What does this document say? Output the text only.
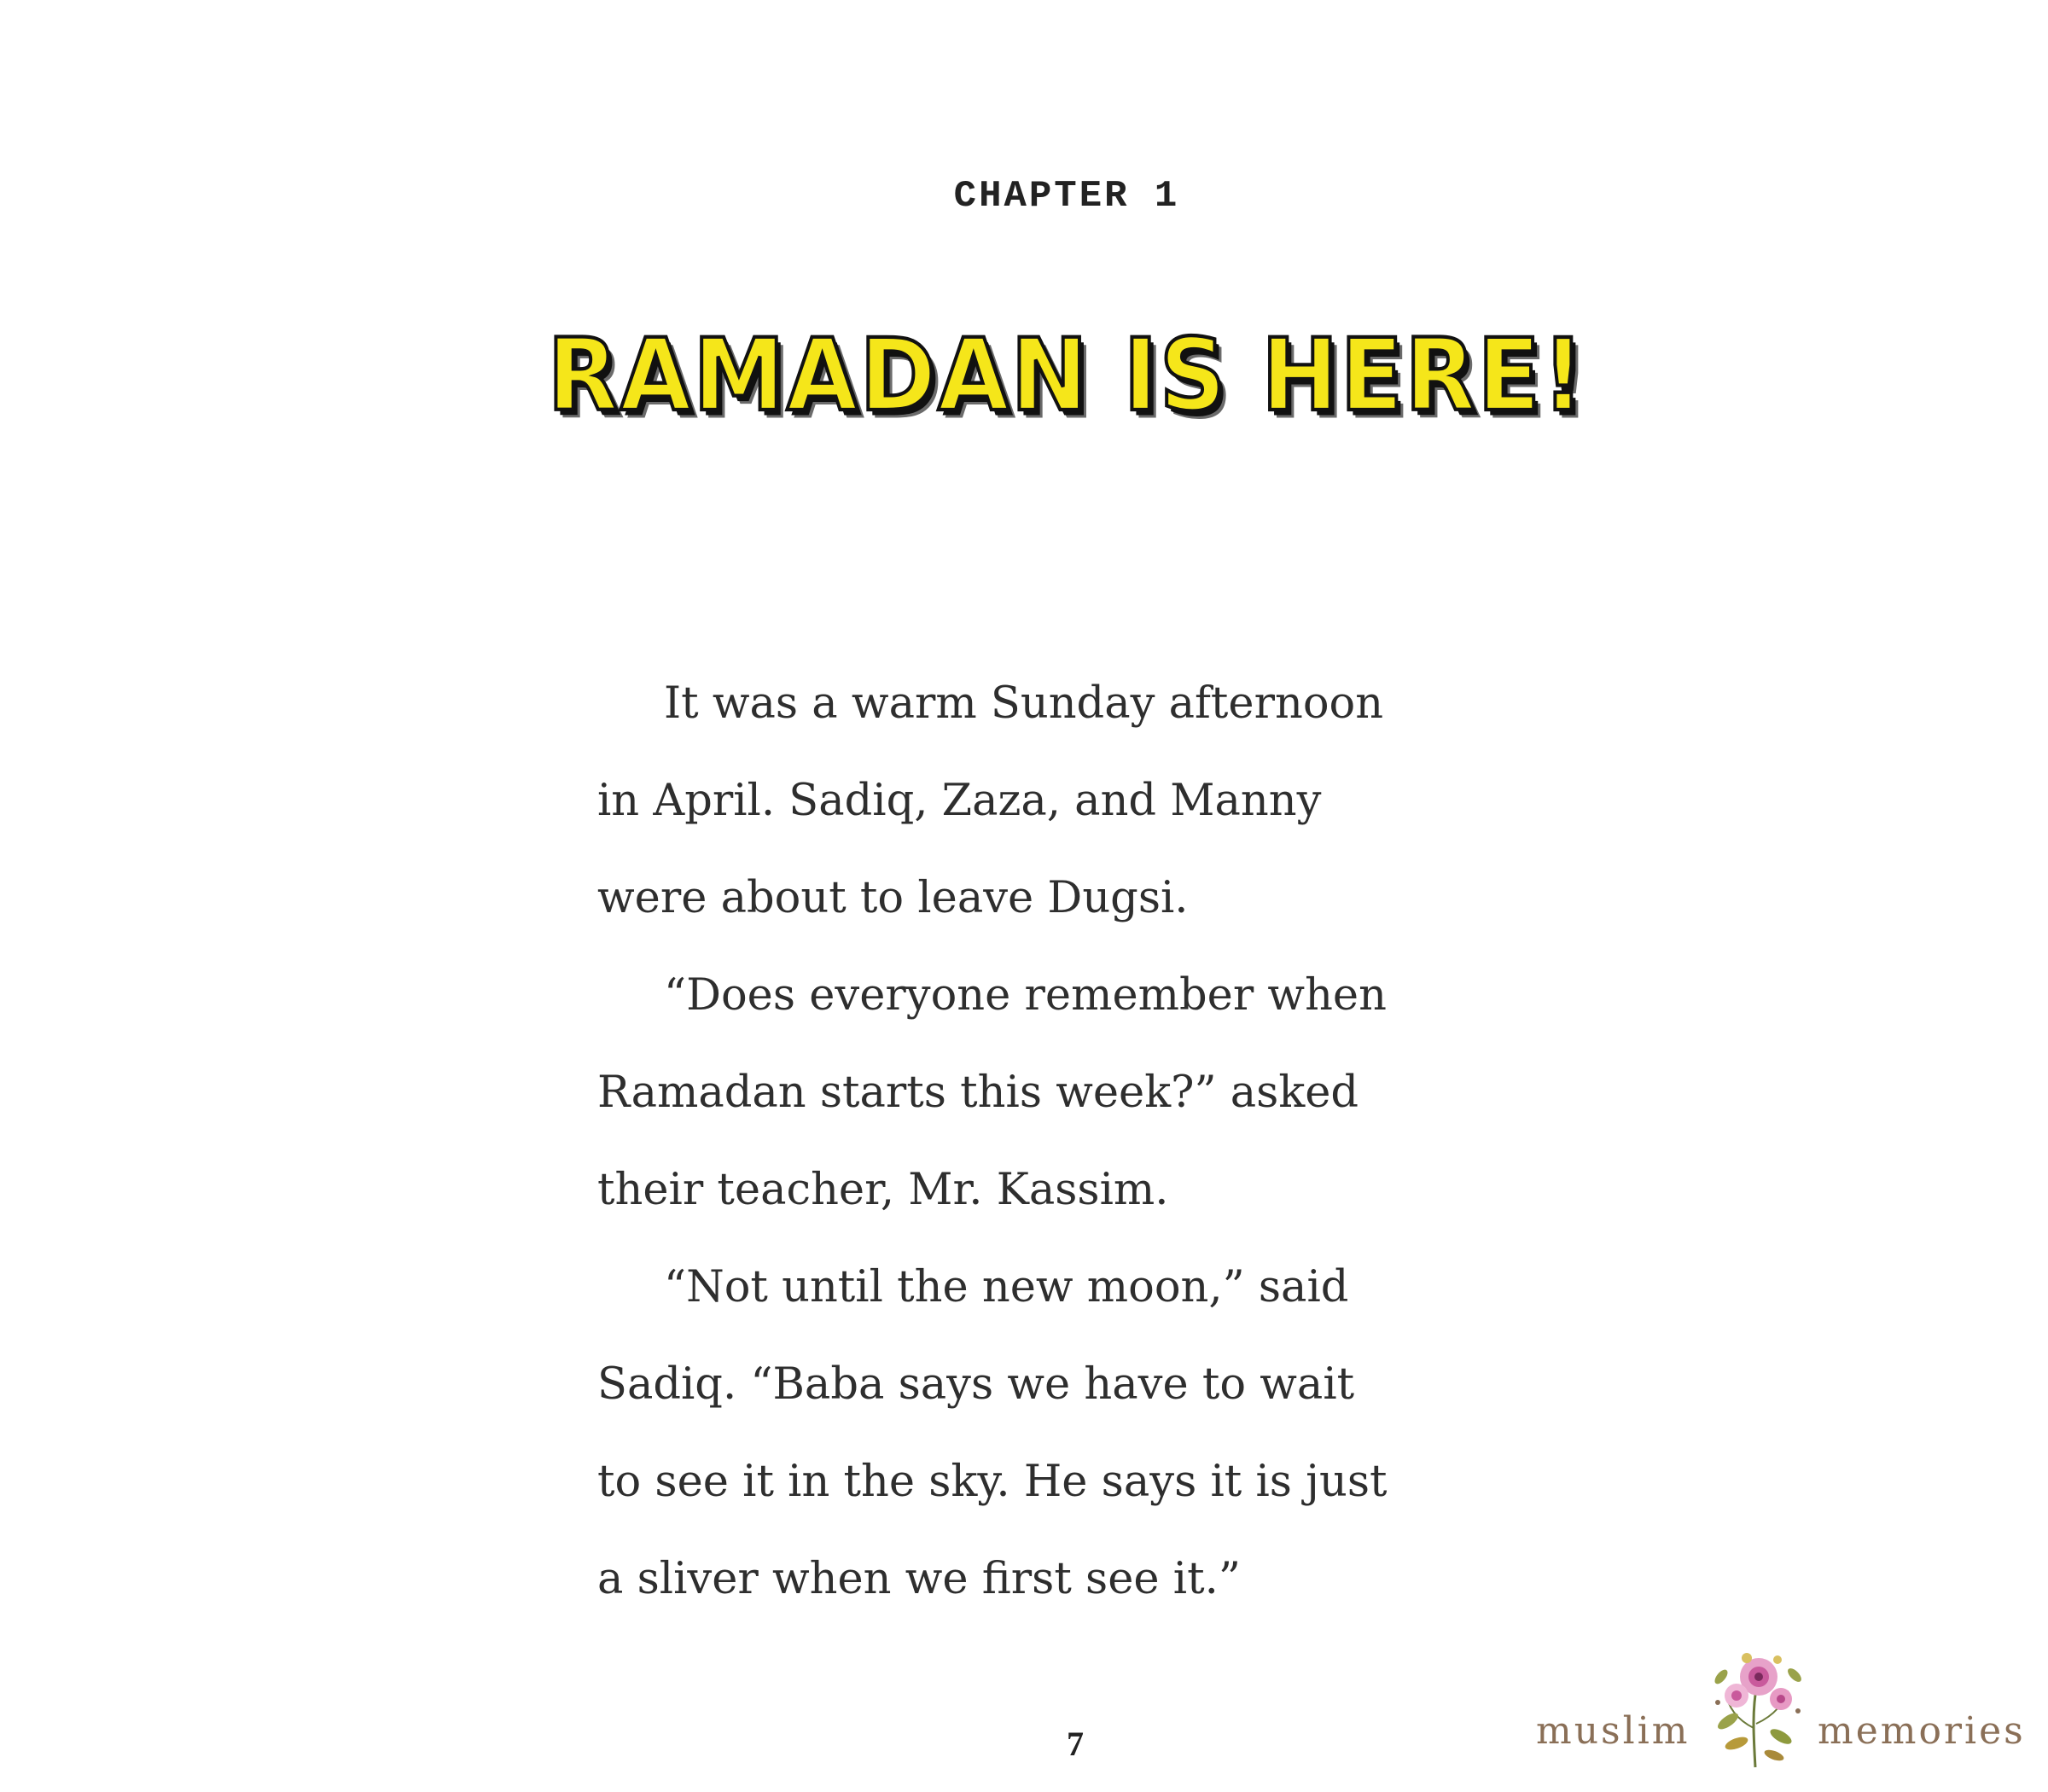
CHAPTER 1
RAMADAN IS HERE!
It was a warm Sunday afternoon
in April. Sadiq, Zaza, and Manny
were about to leave Dugsi.
“Does everyone remember when
Ramadan starts this week?” asked
their teacher, Mr. Kassim.
“Not until the new moon,” said
Sadiq. “Baba says we have to wait
to see it in the sky. He says it is just
a sliver when we first see it.”
7	muslim	memories
